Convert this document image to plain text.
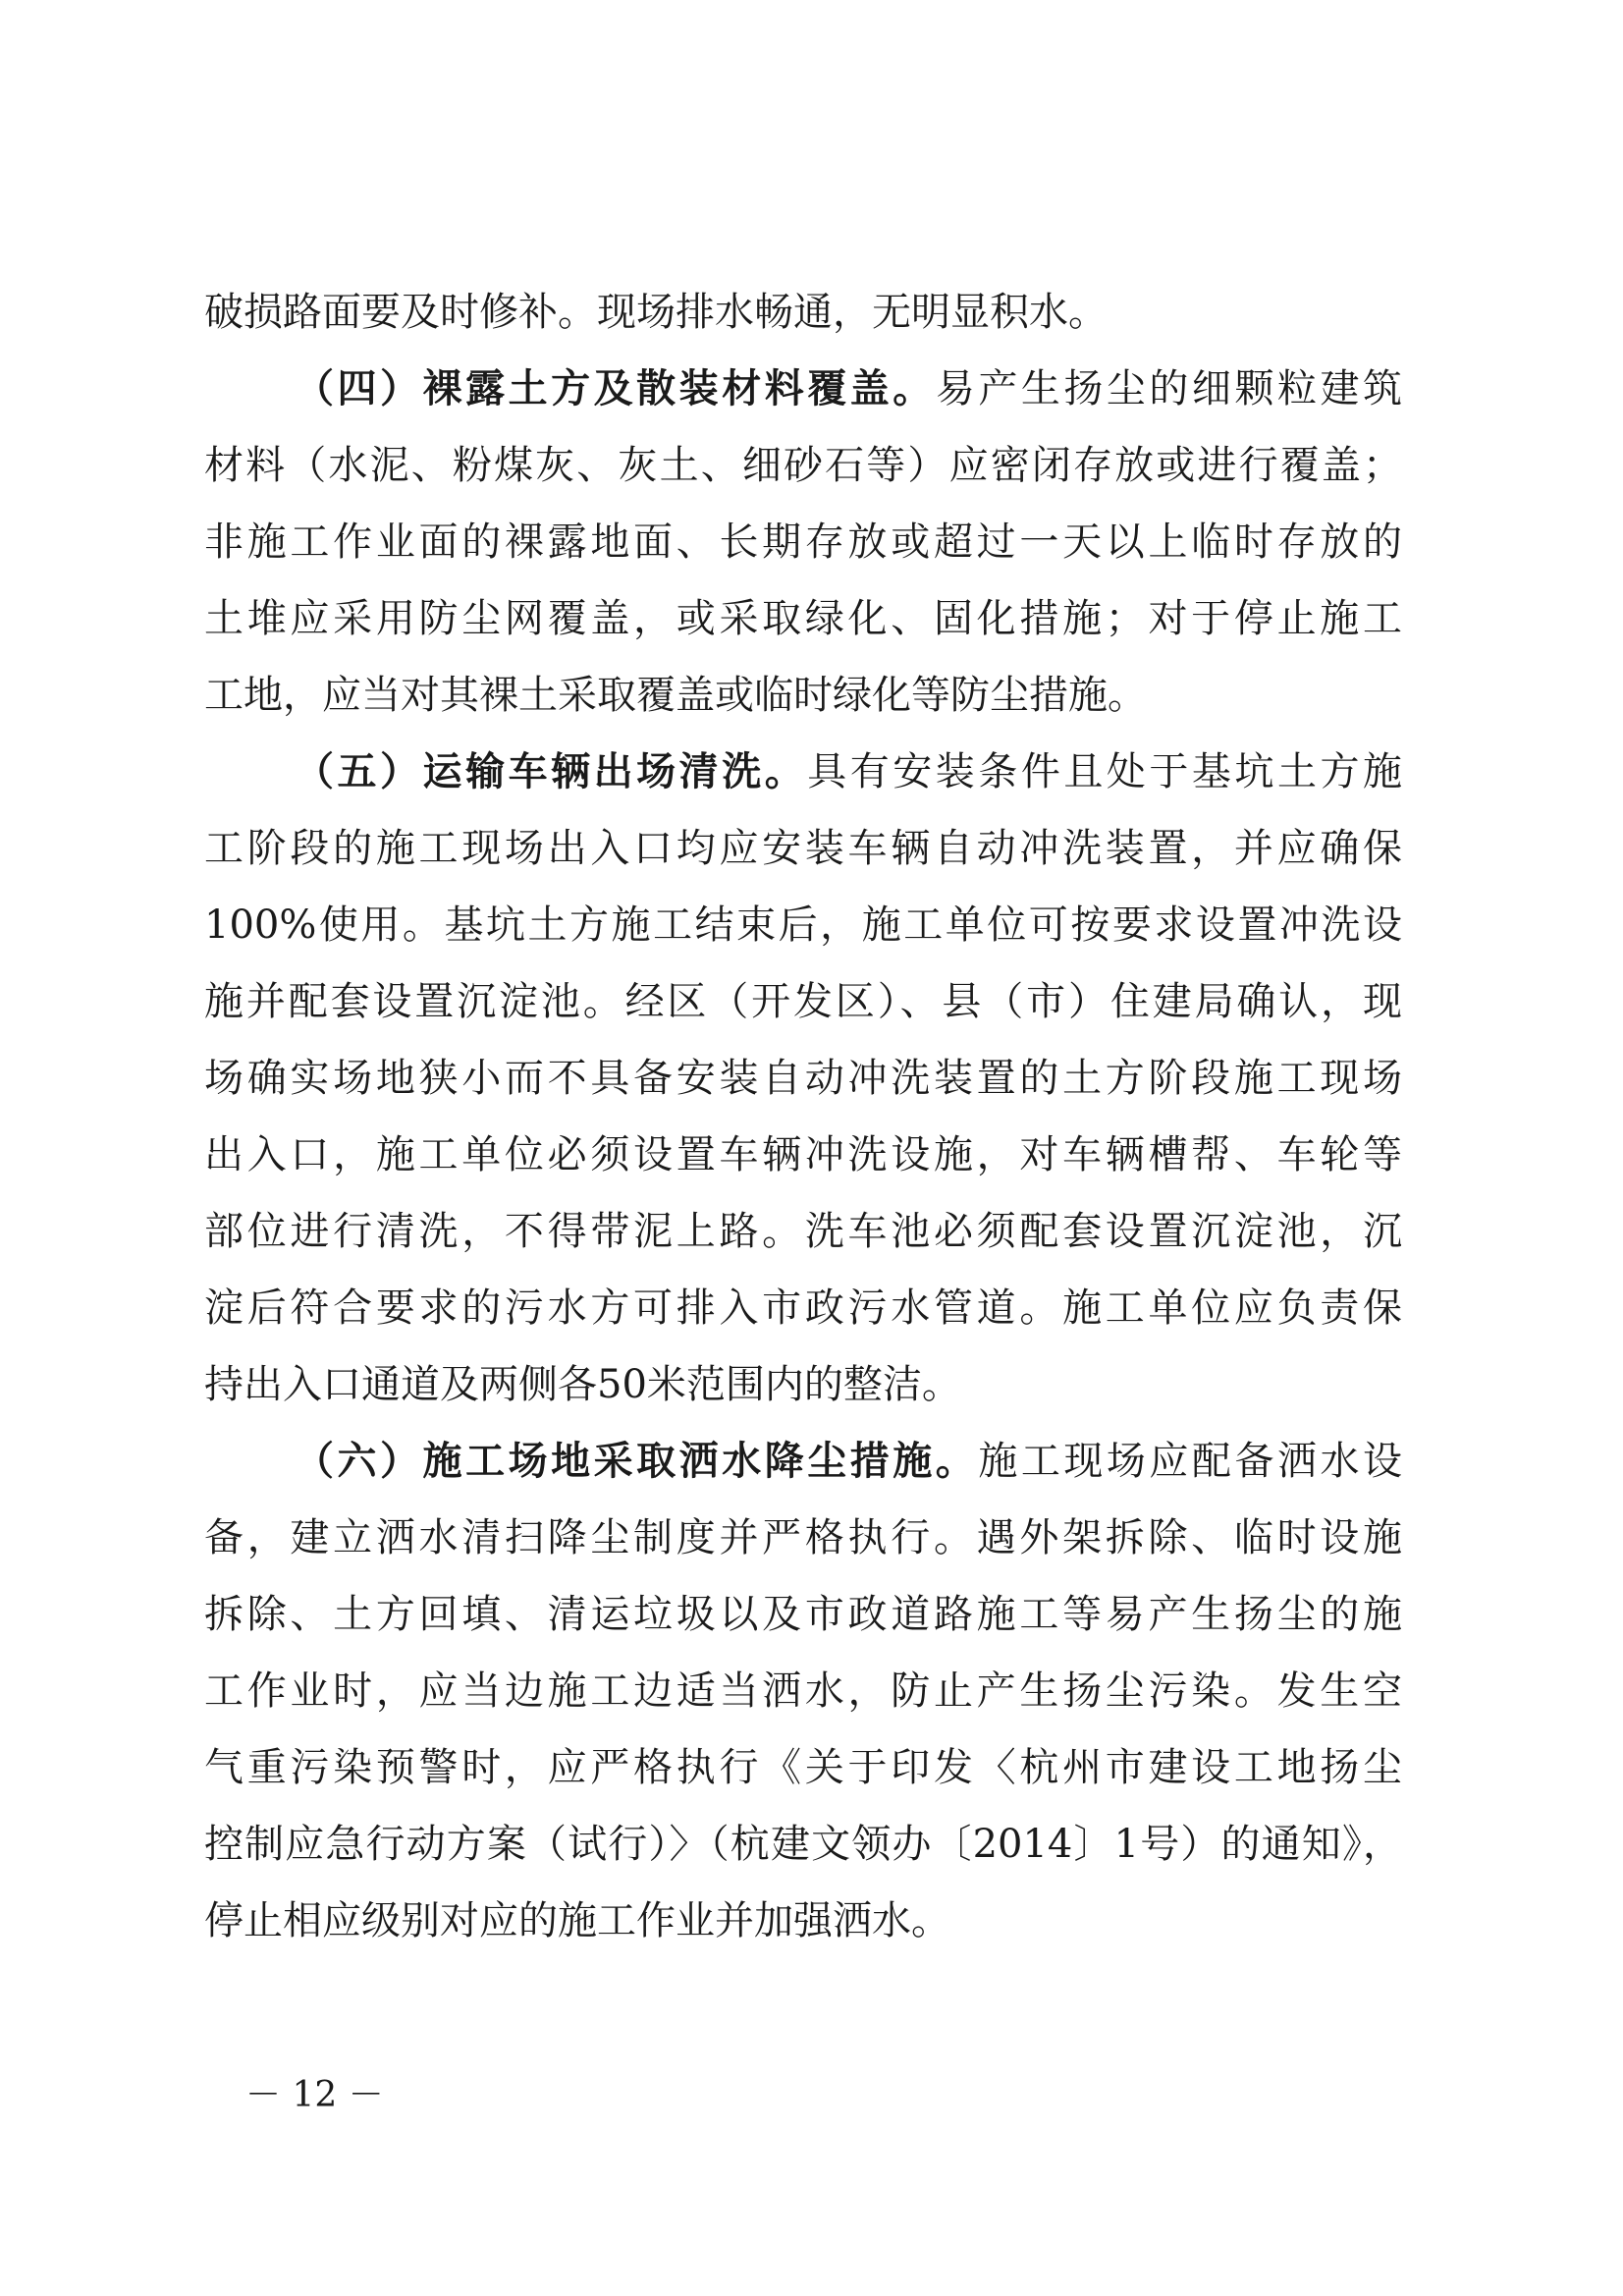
破损路面要及时修补。现场排水畅通，无明显积水。
（四）裸露土方及散装材料覆盖。易产生扬尘的细颗粒建筑
材料（水泥、粉煤灰、灰土、细砂石等）应密闭存放或进行覆盖；
非施工作业面的裸露地面、长期存放或超过一天以上临时存放的
土堆应采用防尘网覆盖，或采取绿化、固化措施；对于停止施工
工地，应当对其裸土采取覆盖或临时绿化等防尘措施。
（五）运输车辆出场清洗。具有安装条件且处于基坑土方施
工阶段的施工现场出入口均应安装车辆自动冲洗装置，并应确保
100%使用。基坑土方施工结束后，施工单位可按要求设置冲洗设
施并配套设置沉淀池。经区（开发区）、县（市）住建局确认，现
场确实场地狭小而不具备安装自动冲洗装置的土方阶段施工现场
出入口，施工单位必须设置车辆冲洗设施，对车辆槽帮、车轮等
部位进行清洗，不得带泥上路。洗车池必须配套设置沉淀池，沉
淀后符合要求的污水方可排入市政污水管道。施工单位应负责保
持出入口通道及两侧各50米范围内的整洁。
（六）施工场地采取洒水降尘措施。施工现场应配备洒水设
备，建立洒水清扫降尘制度并严格执行。遇外架拆除、临时设施
拆除、土方回填、清运垃圾以及市政道路施工等易产生扬尘的施
工作业时，应当边施工边适当洒水，防止产生扬尘污染。发生空
气重污染预警时，应严格执行《关于印发〈杭州市建设工地扬尘
控制应急行动方案（试行）〉（杭建文领办〔2014〕1号）的通知》，
停止相应级别对应的施工作业并加强洒水。
－ 12 －
